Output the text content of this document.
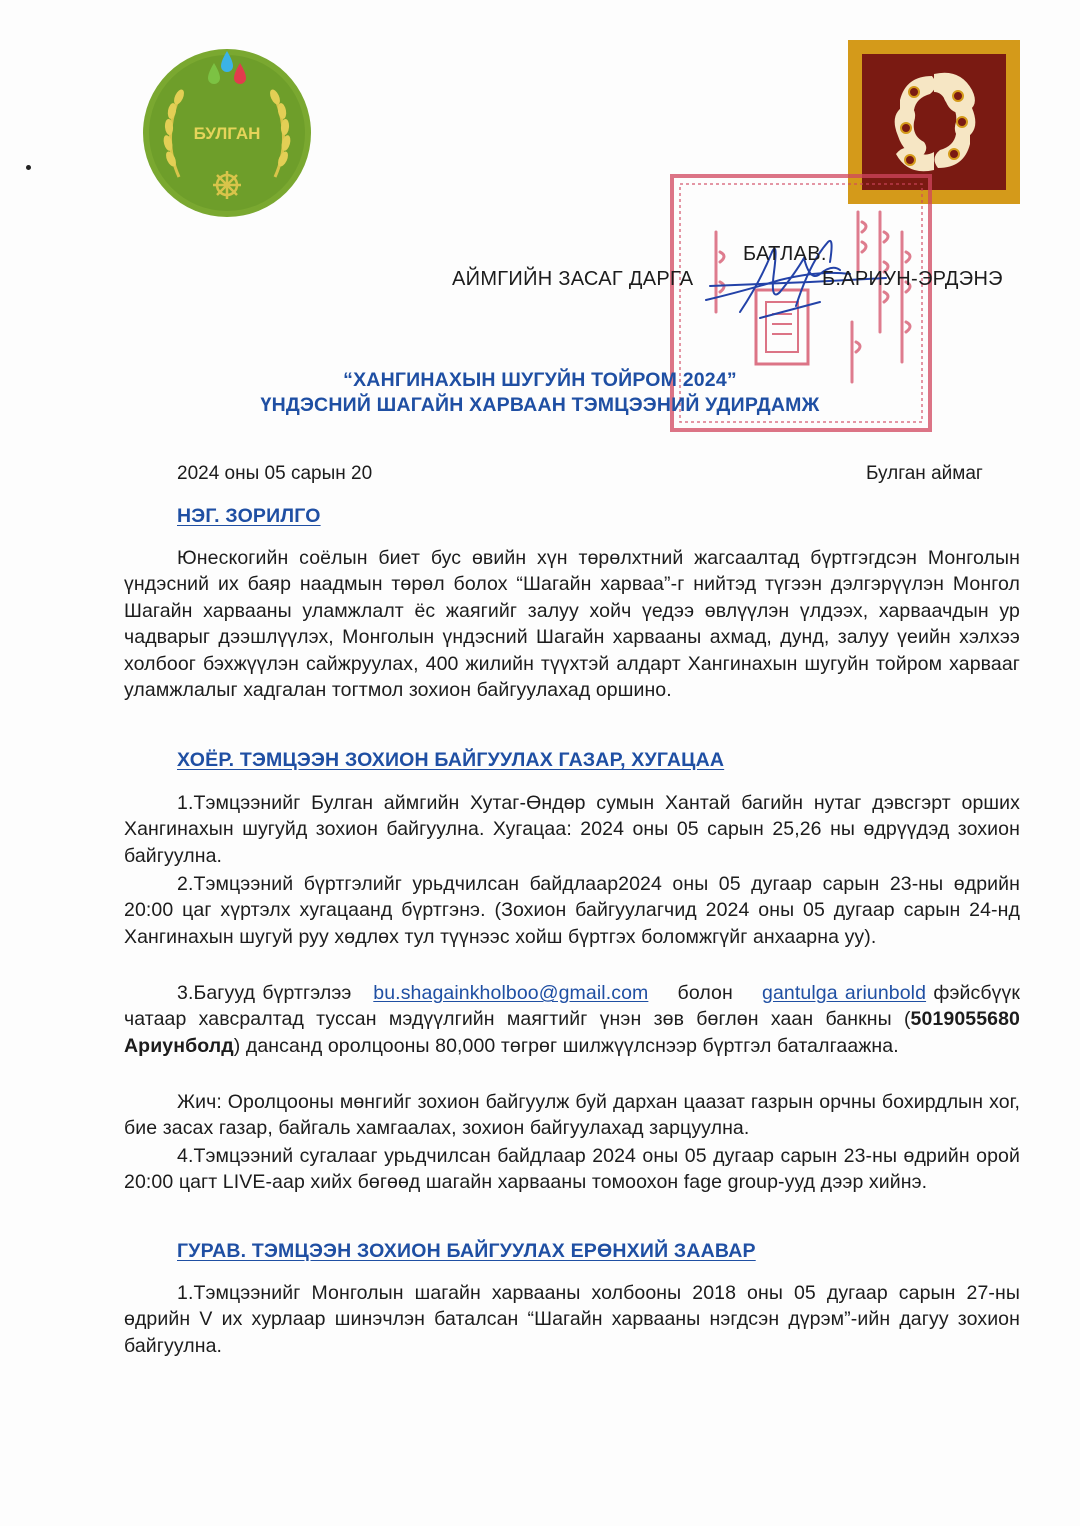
БУЛГАН
БАТЛАВ.
АЙМГИЙН ЗАСАГ ДАРГА	Б.АРИУН-ЭРДЭНЭ
“ХАНГИНАХЫН ШУГУЙН ТОЙРОМ 2024”
ҮНДЭСНИЙ ШАГАЙН ХАРВААН ТЭМЦЭЭНИЙ УДИРДАМЖ
2024 оны 05 сарын 20	Булган аймаг
НЭГ. ЗОРИЛГО
Юнескогийн соёлын биет бус өвийн хүн төрөлхтний жагсаалтад бүртгэгдсэн Монголын үндэсний их баяр наадмын төрөл болох “Шагайн харваа”-г нийтэд түгээн дэлгэрүүлэн Монгол Шагайн харвааны уламжлалт ёс жаягийг залуу хойч үедээ өвлүүлэн үлдээх, харваачдын ур чадварыг дээшлүүлэх, Монголын үндэсний Шагайн харвааны ахмад, дунд, залуу үеийн хэлхээ холбоог бэхжүүлэн сайжруулах, 400 жилийн түүхтэй алдарт Хангинахын шугуйн тойром харвааг уламжлалыг хадгалан тогтмол зохион байгуулахад оршино.
ХОЁР. ТЭМЦЭЭН ЗОХИОН БАЙГУУЛАХ ГАЗАР, ХУГАЦАА
1.Тэмцээнийг Булган аймгийн Хутаг-Өндөр сумын Хантай багийн нутаг дэвсгэрт орших Хангинахын шугуйд зохион байгуулна. Хугацаа: 2024 оны 05 сарын 25,26 ны өдрүүдэд зохион байгуулна.
2.Тэмцээний бүртгэлийг урьдчилсан байдлаар2024 оны 05 дугаар сарын 23-ны өдрийн 20:00 цаг хүртэлх хугацаанд бүртгэнэ. (Зохион байгуулагчид 2024 оны 05 дугаар сарын 24-нд Хангинахын шугуй руу хөдлөх тул түүнээс хойш бүртгэх боломжгүйг анхаарна уу).
3.Багууд бүртгэлээ bu.shagainkholboo@gmail.com болон gantulga ariunbold фэйсбүүк чатаар хавсралтад туссан мэдүүлгийн маягтийг үнэн зөв бөглөн хаан банкны (5019055680 Ариунболд) дансанд оролцооны 80,000 төгрөг шилжүүлснээр бүртгэл баталгаажна.
Жич: Оролцооны мөнгийг зохион байгуулж буй дархан цаазат газрын орчны бохирдлын хог, бие засах газар, байгаль хамгаалах, зохион байгуулахад зарцуулна.
4.Тэмцээний сугалааг урьдчилсан байдлаар 2024 оны 05 дугаар сарын 23-ны өдрийн орой 20:00 цагт LIVE-аар хийх бөгөөд шагайн харвааны томоохон fage group-ууд дээр хийнэ.
ГУРАВ. ТЭМЦЭЭН ЗОХИОН БАЙГУУЛАХ ЕРӨНХИЙ ЗААВАР
1.Тэмцээнийг Монголын шагайн харвааны холбооны 2018 оны 05 дугаар сарын 27-ны өдрийн V их хурлаар шинэчлэн баталсан “Шагайн харвааны нэгдсэн дүрэм”-ийн дагуу зохион байгуулна.
